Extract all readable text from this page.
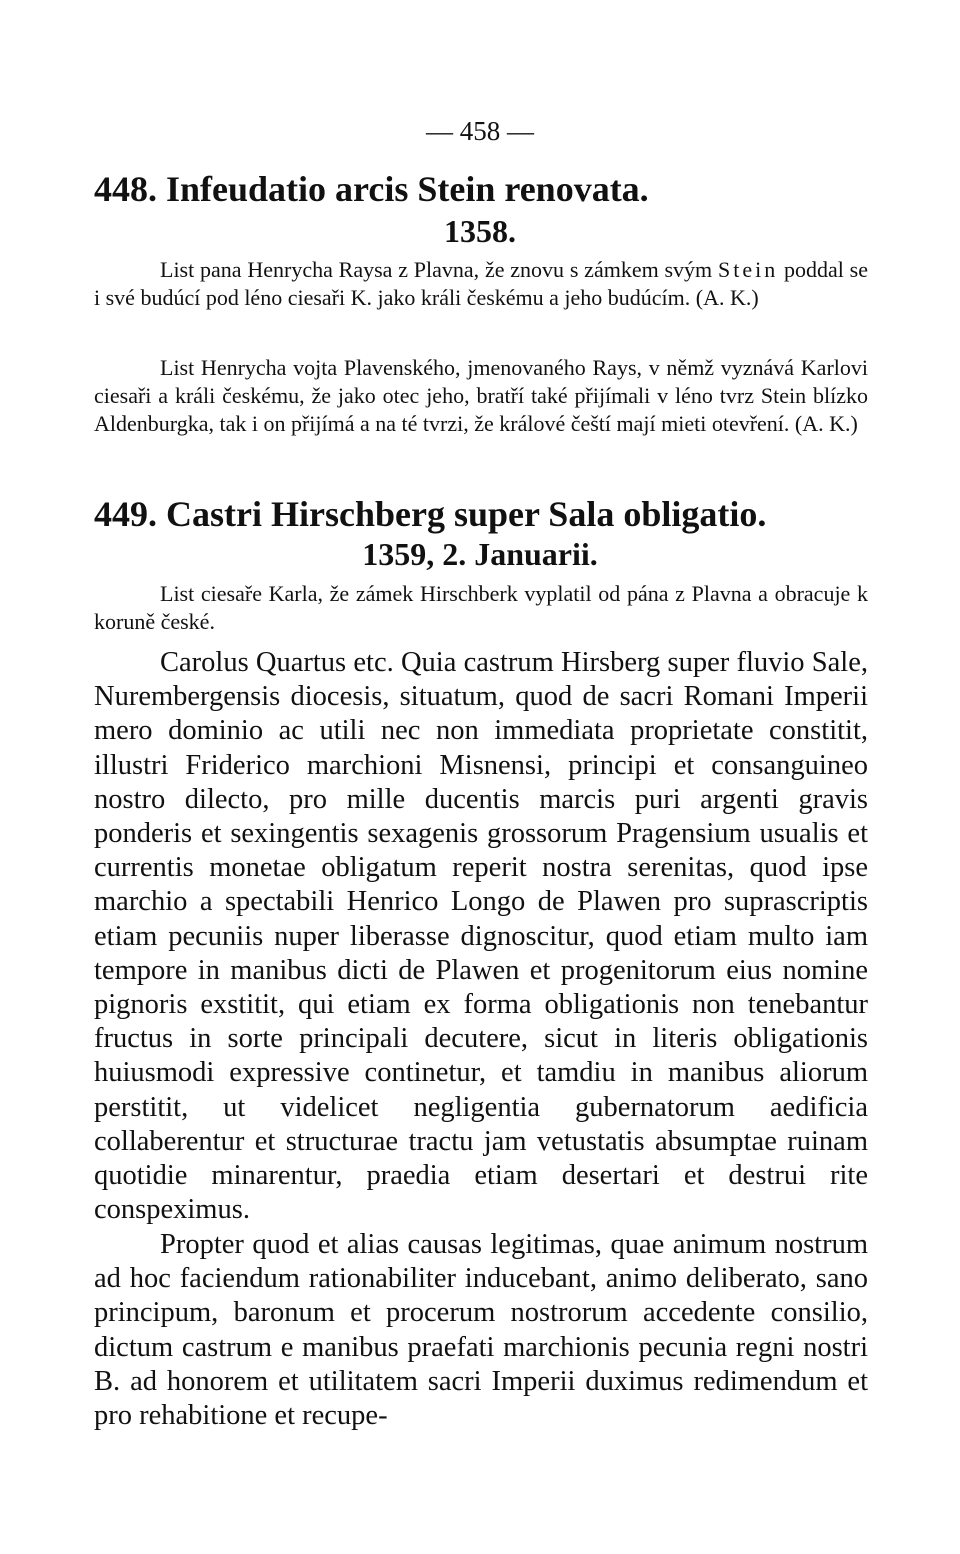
— 458 —
448. Infeudatio arcis Stein renovata.
1358.

List pana Henrycha Raysa z Plavna, že znovu s zámkem svým Stein poddal se i své budúcí pod léno ciesaři K. jako králi českému a jeho budúcím. (A. K.)

List Henrycha vojta Plavenského, jmenovaného Rays, v němž vyznává Karlovi ciesaři a králi českému, že jako otec jeho, bratří také přijímali v léno tvrz Stein blízko Aldenburgka, tak i on přijímá a na té tvrzi, že králové čeští mají mieti otevření. (A. K.)

449. Castri Hirschberg super Sala obligatio.
1359, 2. Januarii.

List ciesaře Karla, že zámek Hirschberk vyplatil od pána z Plavna a obracuje k koruně české.

Carolus Quartus etc. Quia castrum Hirsberg super fluvio Sale, Nurembergensis diocesis, situatum, quod de sacri Romani Imperii mero dominio ac utili nec non immediata proprietate constitit, illustri Friderico marchioni Misnensi, principi et consanguineo nostro dilecto, pro mille ducentis marcis puri argenti gravis ponderis et sexingentis sexagenis grossorum Pragensium usualis et currentis monetae obligatum reperit nostra serenitas, quod ipse marchio a spectabili Henrico Longo de Plawen pro suprascriptis etiam pecuniis nuper liberasse dignoscitur, quod etiam multo iam tempore in manibus dicti de Plawen et progenitorum eius nomine pignoris exstitit, qui etiam ex forma obligationis non tenebantur fructus in sorte principali decutere, sicut in literis obligationis huiusmodi expressive continetur, et tamdiu in manibus aliorum perstitit, ut videlicet negligentia gubernatorum aedificia collaberentur et structurae tractu jam vetustatis absumptae ruinam quotidie minarentur, praedia etiam desertari et destrui rite conspeximus.

Propter quod et alias causas legitimas, quae animum nostrum ad hoc faciendum rationabiliter inducebant, animo deliberato, sano principum, baronum et procerum nostrorum accedente consilio, dictum castrum e manibus praefati marchionis pecunia regni nostri B. ad honorem et utilitatem sacri Imperii duximus redimendum et pro rehabitione et recupe-
